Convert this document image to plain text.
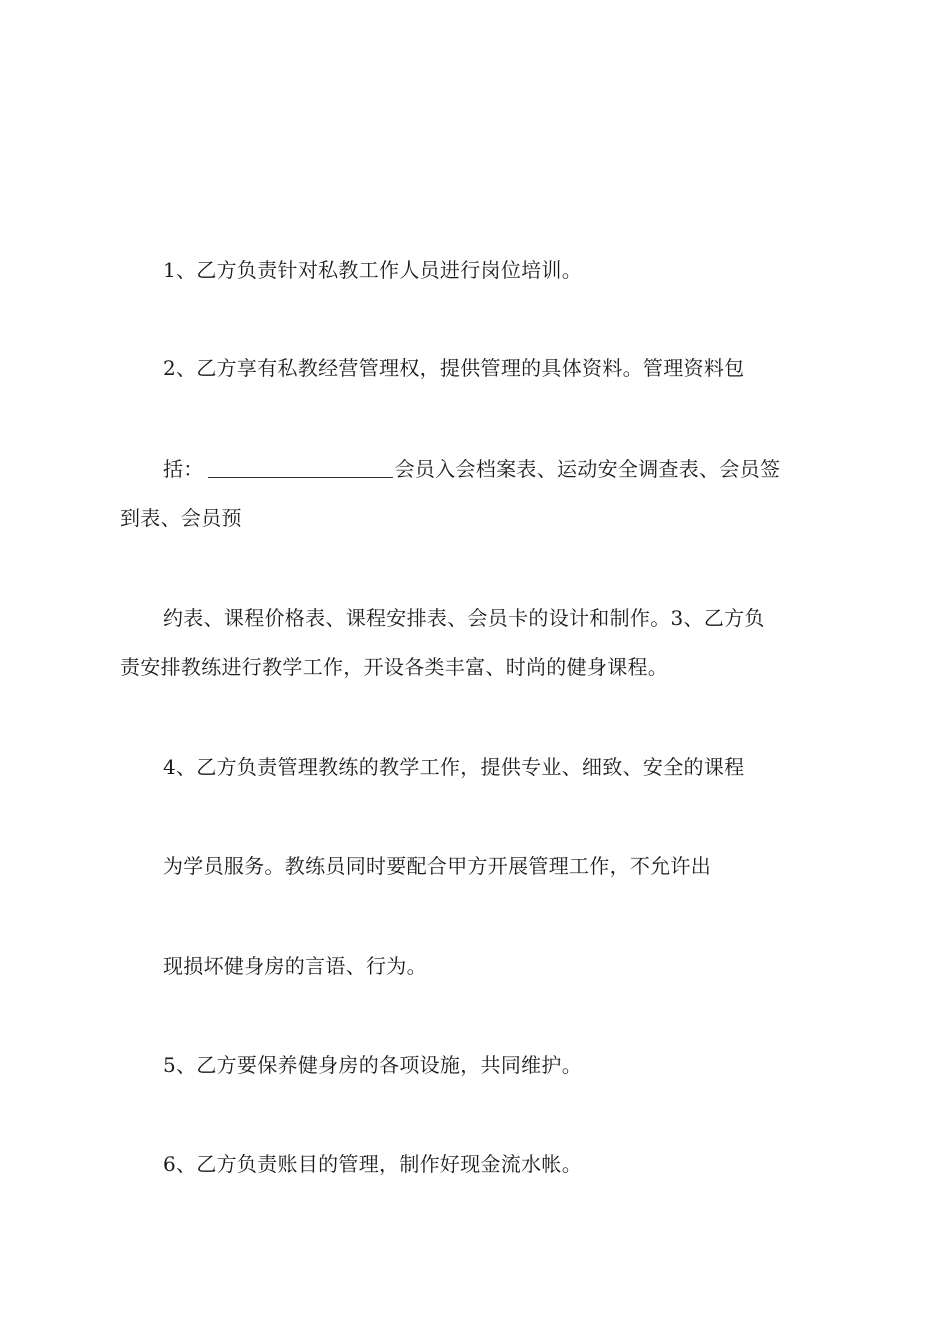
1、乙方负责针对私教工作人员进行岗位培训。
2、乙方享有私教经营管理权，提供管理的具体资料。管理资料包
括：	会员入会档案表、运动安全调查表、会员签
到表、会员预
约表、课程价格表、课程安排表、会员卡的设计和制作。3、乙方负
责安排教练进行教学工作，开设各类丰富、时尚的健身课程。
4、乙方负责管理教练的教学工作，提供专业、细致、安全的课程
为学员服务。教练员同时要配合甲方开展管理工作，不允许出
现损坏健身房的言语、行为。
5、乙方要保养健身房的各项设施，共同维护。
6、乙方负责账目的管理，制作好现金流水帐。
